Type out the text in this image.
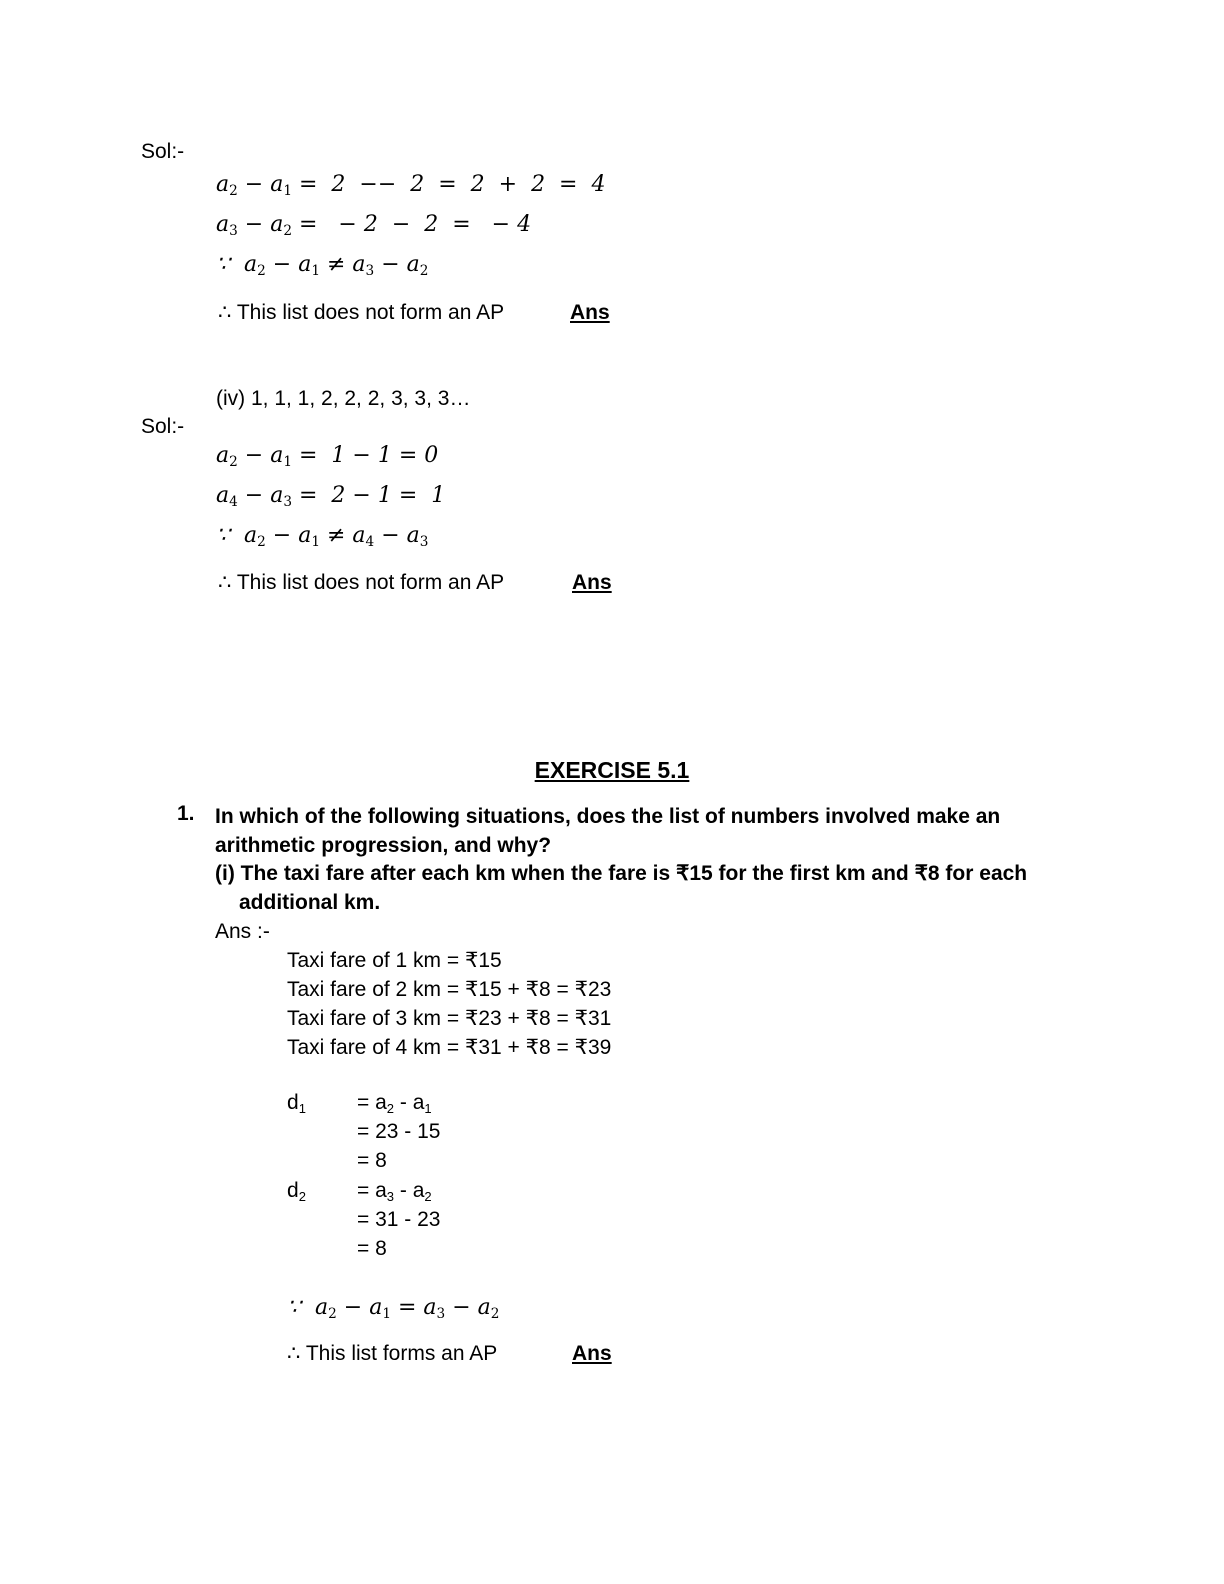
Sol:-
$a_2 - a_1 = 2 -- 2 = 2 + 2 = 4$
$a_3 - a_2$ =   − 2  −  2  =   − 4
∵  $a_2 - a_1 \ne a_3 - a_2$
∴ This list does not form an AP	Ans
(iv) 1, 1, 1, 2, 2, 2, 3, 3, 3…
Sol:-
$a_2 - a_1 = 1 - 1 = 0$
$a_4 - a_3 = 2 - 1 = 1$
∵  $a_2 - a_1 \ne a_4 - a_3$
∴ This list does not form an AP	Ans
EXERCISE 5.1
1. In which of the following situations, does the list of numbers involved make an
arithmetic progression, and why?
(i) The taxi fare after each km when the fare is ₹15 for the first km and ₹8 for each
additional km.
Ans :-
Taxi fare of 1 km = ₹15
Taxi fare of 2 km = ₹15 + ₹8 = ₹23
Taxi fare of 3 km = ₹23 + ₹8 = ₹31
Taxi fare of 4 km = ₹31 + ₹8 = ₹39
$d_1 = a_2 - a_1$
= 23 - 15
= 8
$d_2 = a_3 - a_2$
= 31 - 23
= 8
∵  $a_2 - a_1 = a_3 - a_2$
∴ This list forms an AP	Ans
